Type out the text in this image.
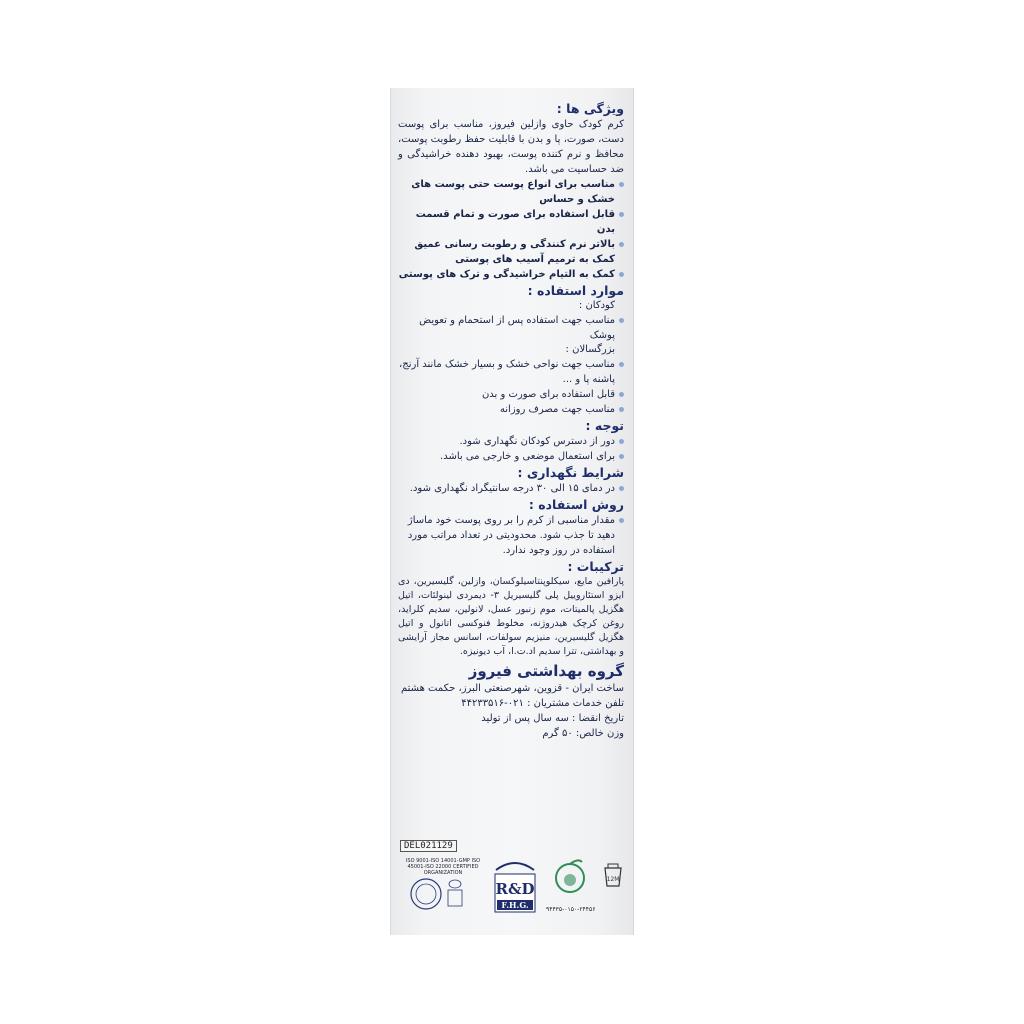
ویژگی ها :

کرم کودک حاوی وازلین فیروز، مناسب برای پوست دست، صورت، پا و بدن با قابلیت حفظ رطوبت پوست، محافظ و نرم کننده پوست، بهبود دهنده خراشیدگی و ضد حساسیت می باشد.

مناسب برای انواع پوست حتی پوست های خشک و حساس
قابل استفاده برای صورت و تمام قسمت بدن
بالاتر نرم کنندگی و رطوبت رسانی عمیق کمک به ترمیم آسیب های پوستی
کمک به التیام خراشیدگی و ترک های پوستی

موارد استفاده :

کودکان :
مناسب جهت استفاده پس از استحمام و تعویض پوشک
بزرگسالان :
مناسب جهت نواحی خشک و بسیار خشک مانند آرنج، پاشنه پا و ...
قابل استفاده برای صورت و بدن
مناسب جهت مصرف روزانه

توجه :

دور از دسترس کودکان نگهداری شود.
برای استعمال موضعی و خارجی می باشد.

شرایط نگهداری :

در دمای ۱۵ الی ۳۰ درجه سانتیگراد نگهداری شود.

روش استفاده :

مقدار مناسبی از کرم را بر روی پوست خود ماساژ دهید تا جذب شود. محدودیتی در تعداد مراتب مورد استفاده در روز وجود ندارد.

ترکیبات :

پارافین مایع، سیکلوپنتاسیلوکسان، وازلین، گلیسیرین، دی ایزو استئاروییل پلی گلیسیریل ۳- دیمردی لینولئات، اتیل هگزیل پالمیتات، موم زنبور عسل، لانولین، سدیم کلراید، روغن کرچک هیدروژنه، مخلوط فنوکسی اتانول و اتیل هگزیل گلیسیرین، منیزیم سولفات، اسانس مجاز آرایشی و بهداشتی، تترا سدیم اد.ت.ا، آب دیونیزه.

گروه بهداشتی فیروز

ساخت ایران - قزوین، شهرصنعتی البرز، حکمت هشتم
تلفن خدمات مشتریان : ۰۲۱-۴۴۲۳۳۵۱۶
تاریخ انقضا : سه سال پس از تولید
وزن خالص: ۵۰ گرم
DEL021129
ISO 9001-ISO 14001-GMP ISO 45001-ISO 22000 CERTIFIED ORGANIZATION
R&D
F.H.G.	۹۴۴۳۵-۰۱۵۰-۲۴۴۵۶
12M
